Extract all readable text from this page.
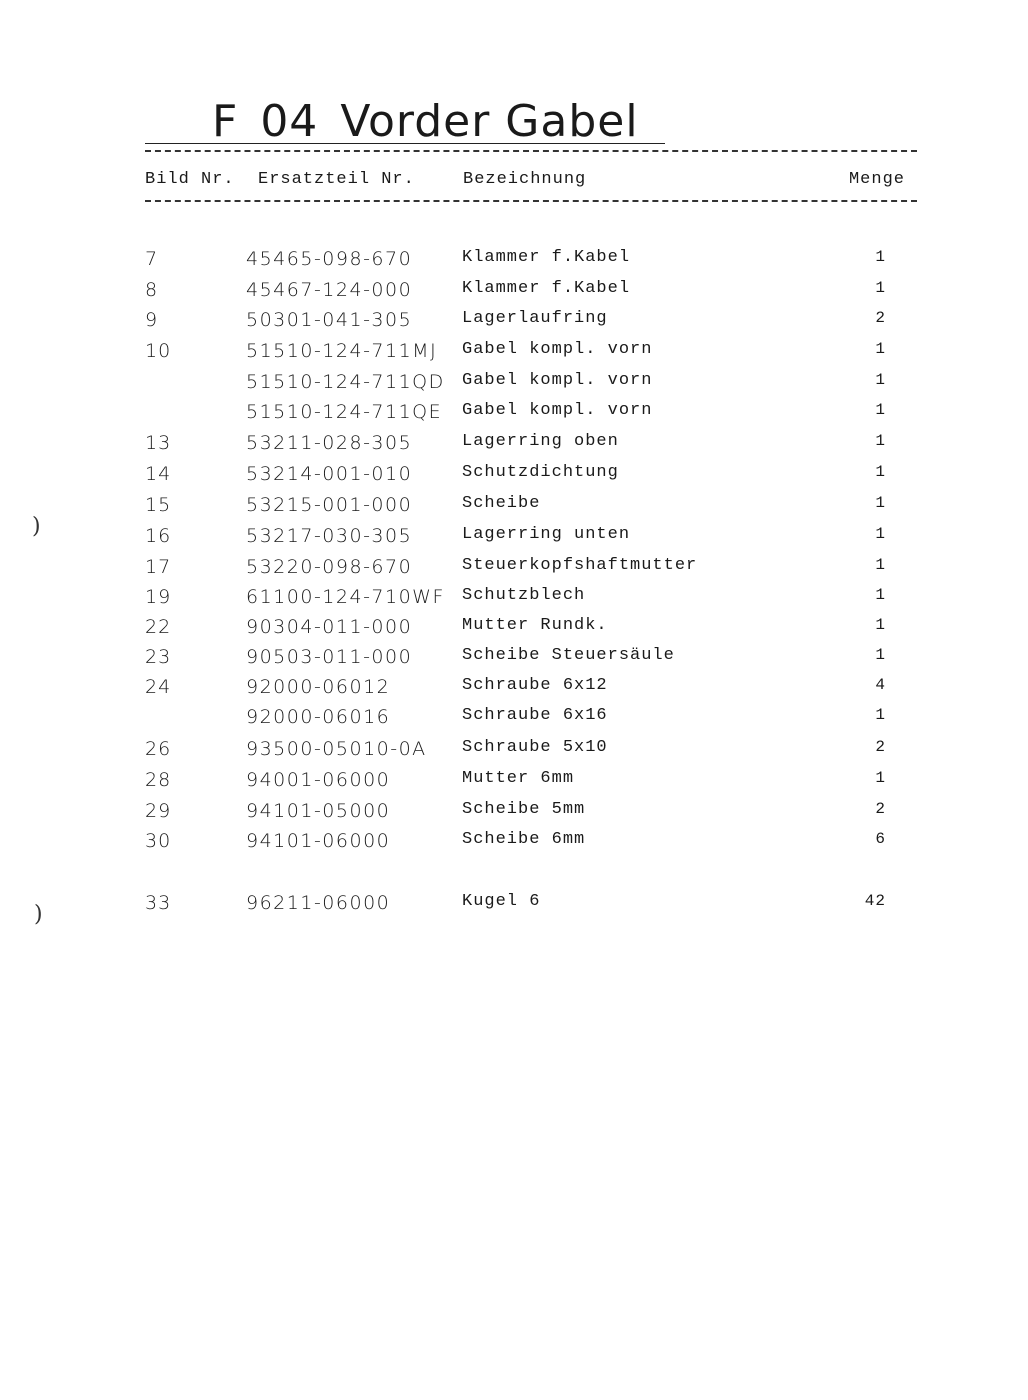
F 04 Vorder Gabel
Bild Nr. Ersatzteil Nr.	Bezeichnung	Menge
7	45465-098-670	Klammer f.Kabel	1
8	45467-124-000	Klammer f.Kabel	1
9	50301-041-305	Lagerlaufring	2
10	51510-124-711MJ Gabel kompl. vorn	1
51510-124-711QD Gabel kompl. vorn	1
51510-124-711QE Gabel kompl. vorn	1
13	53211-028-305	Lagerring oben	1
14	53214-001-010	Schutzdichtung	1
15	53215-001-000	Scheibe	1
16	53217-030-305	Lagerring unten	1
17	53220-098-670	Steuerkopfshaftmutter	1
19	61100-124-710WF Schutzblech	1
22	90304-011-000	Mutter Rundk.	1
23	90503-011-000	Scheibe Steuersäule	1
24	92000-06012	Schraube 6x12	4
92000-06016	Schraube 6x16	1
26	93500-05010-0A Schraube 5x10	2
28	94001-06000	Mutter 6mm	1
29	94101-05000	Scheibe 5mm	2
30	94101-06000	Scheibe 6mm	6
33	96211-06000	Kugel 6	42
)
)
